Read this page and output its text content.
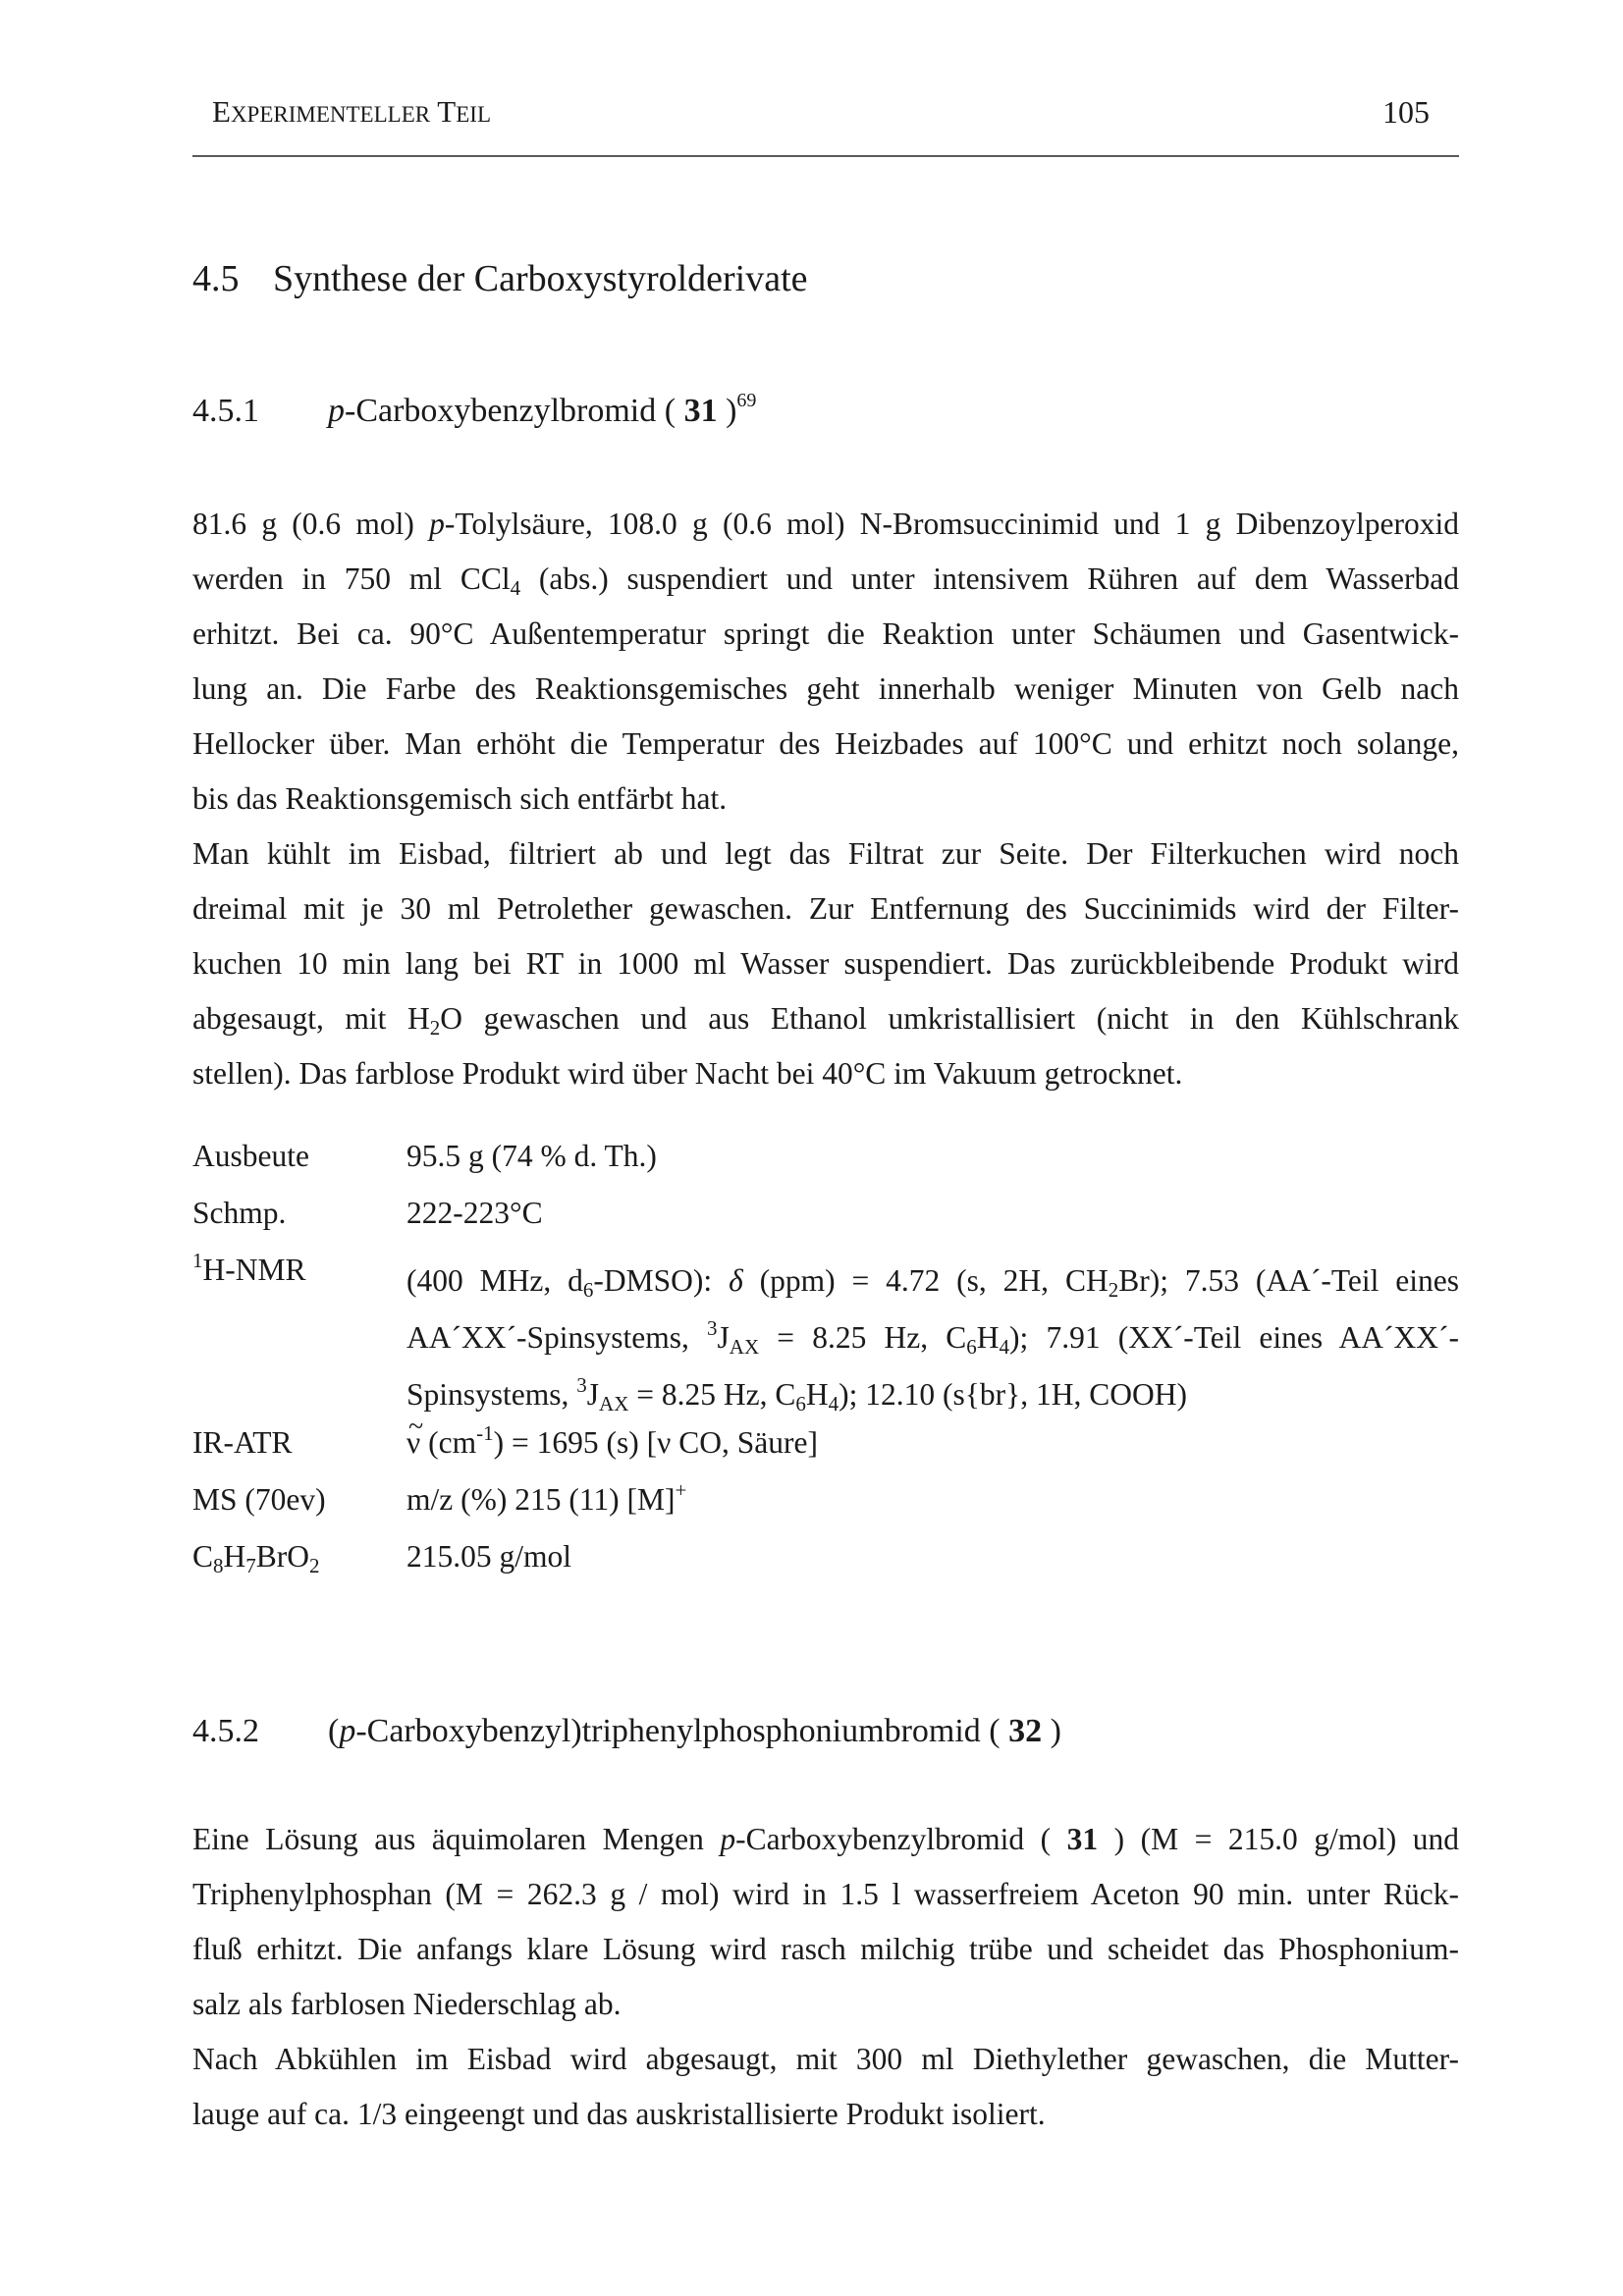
EXPERIMENTELLER TEIL	105
4.5 Synthese der Carboxystyrolderivate
4.5.1 p-Carboxybenzylbromid ( 31 )$^{69}$
81.6 g (0.6 mol) p-Tolylsäure, 108.0 g (0.6 mol) N-Bromsuccinimid und 1 g Dibenzoylperoxid
werden in 750 ml CCl$_4$ (abs.) suspendiert und unter intensivem Rühren auf dem Wasserbad
erhitzt. Bei ca. 90°C Außentemperatur springt die Reaktion unter Schäumen und Gasentwick-
lung an. Die Farbe des Reaktionsgemisches geht innerhalb weniger Minuten von Gelb nach
Hellocker über. Man erhöht die Temperatur des Heizbades auf 100°C und erhitzt noch solange,
bis das Reaktionsgemisch sich entfärbt hat.
Man kühlt im Eisbad, filtriert ab und legt das Filtrat zur Seite. Der Filterkuchen wird noch
dreimal mit je 30 ml Petrolether gewaschen. Zur Entfernung des Succinimids wird der Filter-
kuchen 10 min lang bei RT in 1000 ml Wasser suspendiert. Das zurückbleibende Produkt wird
abgesaugt, mit $H_2O$ gewaschen und aus Ethanol umkristallisiert (nicht in den Kühlschrank
stellen). Das farblose Produkt wird über Nacht bei 40°C im Vakuum getrocknet.
Ausbeute	95.5 g (74 % d. Th.)
Schmp.	222-223°C
$^1$H-NMR	(400 MHz, $d_6-DMSO$): δ (ppm) = 4.72 (s, 2H, $CH_2Br$); 7.53 (AA´-Teil eines
AA´XX´-Spinsystems, $^3J_{AX} = 8.25$ Hz, $C_6H_4$); 7.91 (XX´-Teil eines AA´XX´-
Spinsystems, $^3J_{AX} = 8.25$ Hz, $C_6H_4$); 12.10 (s{br}, 1H, COOH)
IR-ATR
~	ν $(cm^{-1}) = 1695$ (s) [ν CO, Säure]
MS (70ev)	m/z (%) 215 (11) [M]+
$C_8H_7BrO_2$	215.05 g/mol
4.5.2 (p-Carboxybenzyl)triphenylphosphoniumbromid ( 32 )
Eine Lösung aus äquimolaren Mengen p-Carboxybenzylbromid ( 31 ) (M = 215.0 g/mol) und
Triphenylphosphan (M = 262.3 g / mol) wird in 1.5 l wasserfreiem Aceton 90 min. unter Rück-
fluß erhitzt. Die anfangs klare Lösung wird rasch milchig trübe und scheidet das Phosphonium-
salz als farblosen Niederschlag ab.
Nach Abkühlen im Eisbad wird abgesaugt, mit 300 ml Diethylether gewaschen, die Mutter-
lauge auf ca. 1/3 eingeengt und das auskristallisierte Produkt isoliert.
